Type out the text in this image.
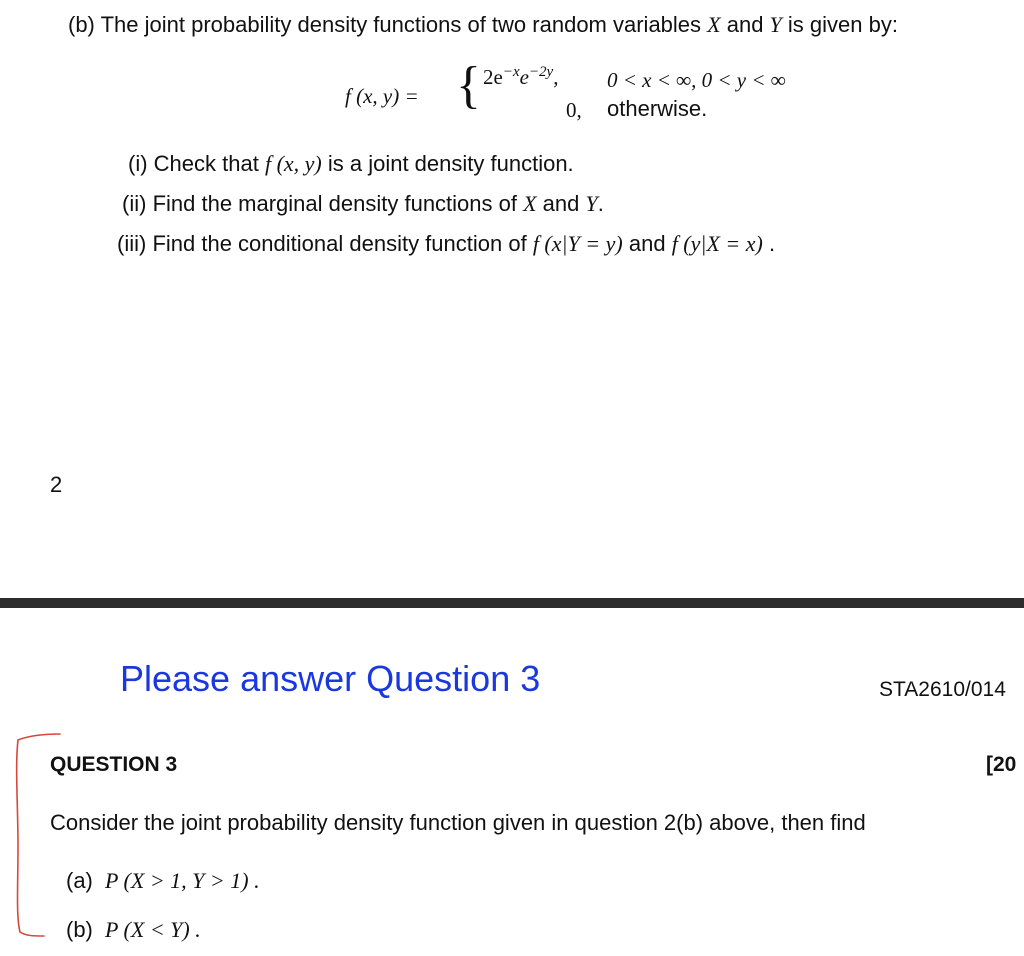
(b) The joint probability density functions of two random variables X and Y is given by:
f (x, y) = { $2e^{-x}e^{-2y}$, 0 < x < ∞, 0 < y < ∞
0, otherwise.
(i) Check that f (x, y) is a joint density function.
(ii) Find the marginal density functions of X and Y.
(iii) Find the conditional density function of f (x|Y = y) and f (y|X = x) .
2
Please answer Question 3	STA2610/014
QUESTION 3	[20
Consider the joint probability density function given in question 2(b) above, then find
(a) P (X > 1, Y > 1) .
(b) P (X < Y) .
